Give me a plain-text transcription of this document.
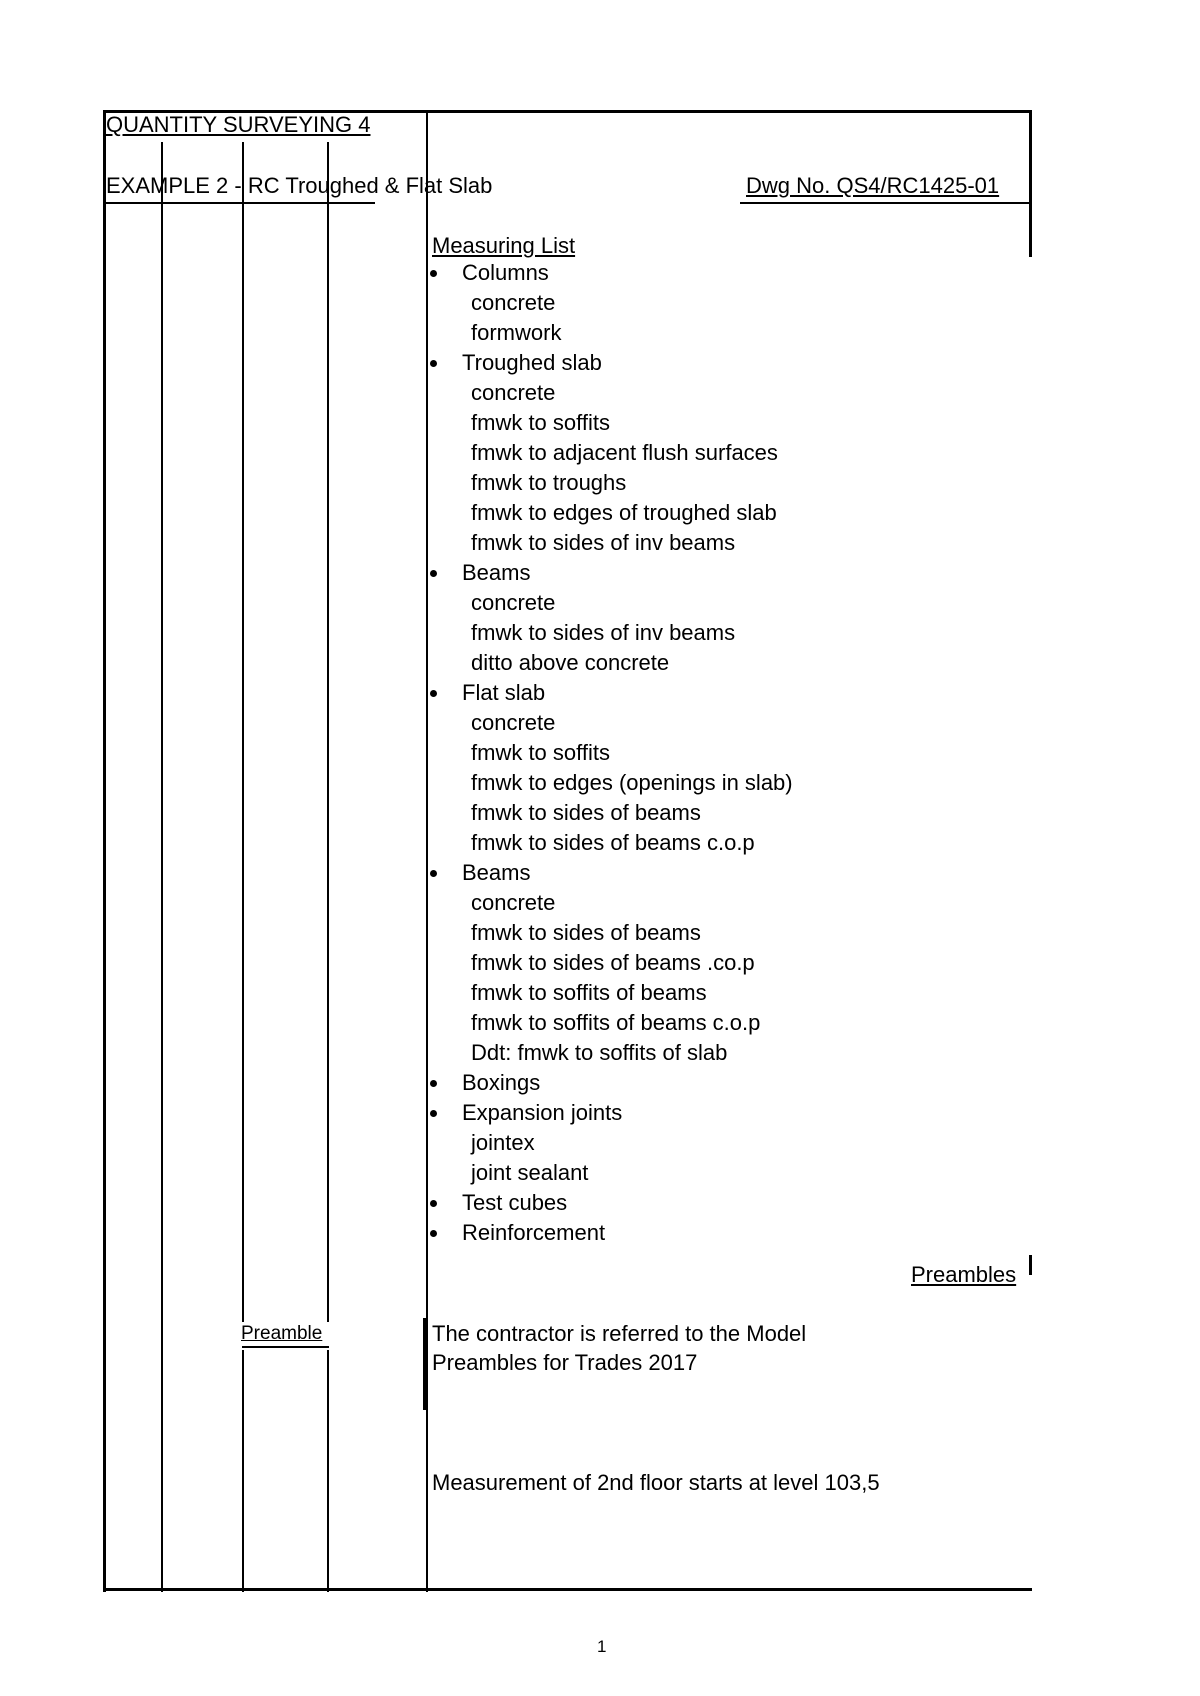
QUANTITY SURVEYING 4
EXAMPLE 2 - RC Troughed & Flat Slab	Dwg No. QS4/RC1425-01
Measuring List
Columns
concrete
formwork
Troughed slab
concrete
fmwk to soffits
fmwk to adjacent flush surfaces
fmwk to troughs
fmwk to edges of troughed slab
fmwk to sides of inv beams
Beams
concrete
fmwk to sides of inv beams
ditto above concrete
Flat slab
concrete
fmwk to soffits
fmwk to edges (openings in slab)
fmwk to sides of beams
fmwk to sides of beams c.o.p
Beams
concrete
fmwk to sides of beams
fmwk to sides of beams .co.p
fmwk to soffits of beams
fmwk to soffits of beams c.o.p
Ddt: fmwk to soffits of slab
Boxings
Expansion joints
jointex
joint sealant
Test cubes
Reinforcement
Preambles
Preamble	The contractor is referred to the Model
Preambles for Trades 2017
Measurement of 2nd floor starts at level 103,5
1
